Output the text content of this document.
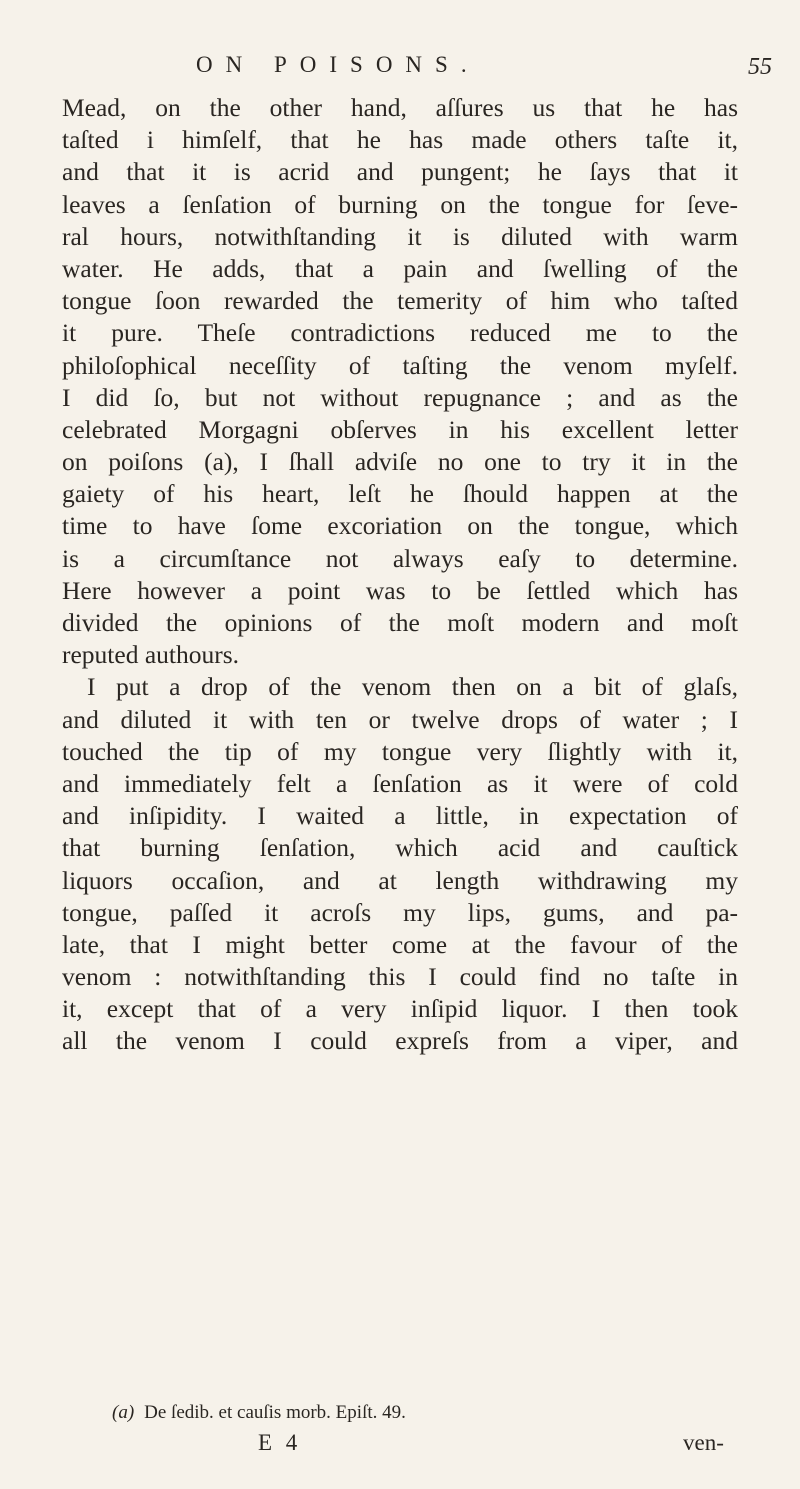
ON POISONS.	55
Mead, on the other hand, aſſures us that he has
taſted i himſelf, that he has made others taſte it,
and that it is acrid and pungent; he ſays that it
leaves a ſenſation of burning on the tongue for ſeve-
ral hours, notwithſtanding it is diluted with warm
water. He adds, that a pain and ſwelling of the
tongue ſoon rewarded the temerity of him who taſted
it pure. Theſe contradictions reduced me to the
philoſophical neceſſity of taſting the venom myſelf.
I did ſo, but not without repugnance ; and as the
celebrated Morgagni obſerves in his excellent letter
on poiſons (a), I ſhall adviſe no one to try it in the
gaiety of his heart, leſt he ſhould happen at the
time to have ſome excoriation on the tongue, which
is a circumſtance not always eaſy to determine.
Here however a point was to be ſettled which has
divided the opinions of the moſt modern and moſt
reputed authours.
I put a drop of the venom then on a bit of glaſs,
and diluted it with ten or twelve drops of water ; I
touched the tip of my tongue very ſlightly with it,
and immediately felt a ſenſation as it were of cold
and inſipidity. I waited a little, in expectation of
that burning ſenſation, which acid and cauſtick
liquors occaſion, and at length withdrawing my
tongue, paſſed it acroſs my lips, gums, and pa-
late, that I might better come at the favour of the
venom : notwithſtanding this I could find no taſte in
it, except that of a very inſipid liquor. I then took
all the venom I could expreſs from a viper, and
(a) De ſedib. et cauſis morb. Epiſt. 49.
E 4	ven-
